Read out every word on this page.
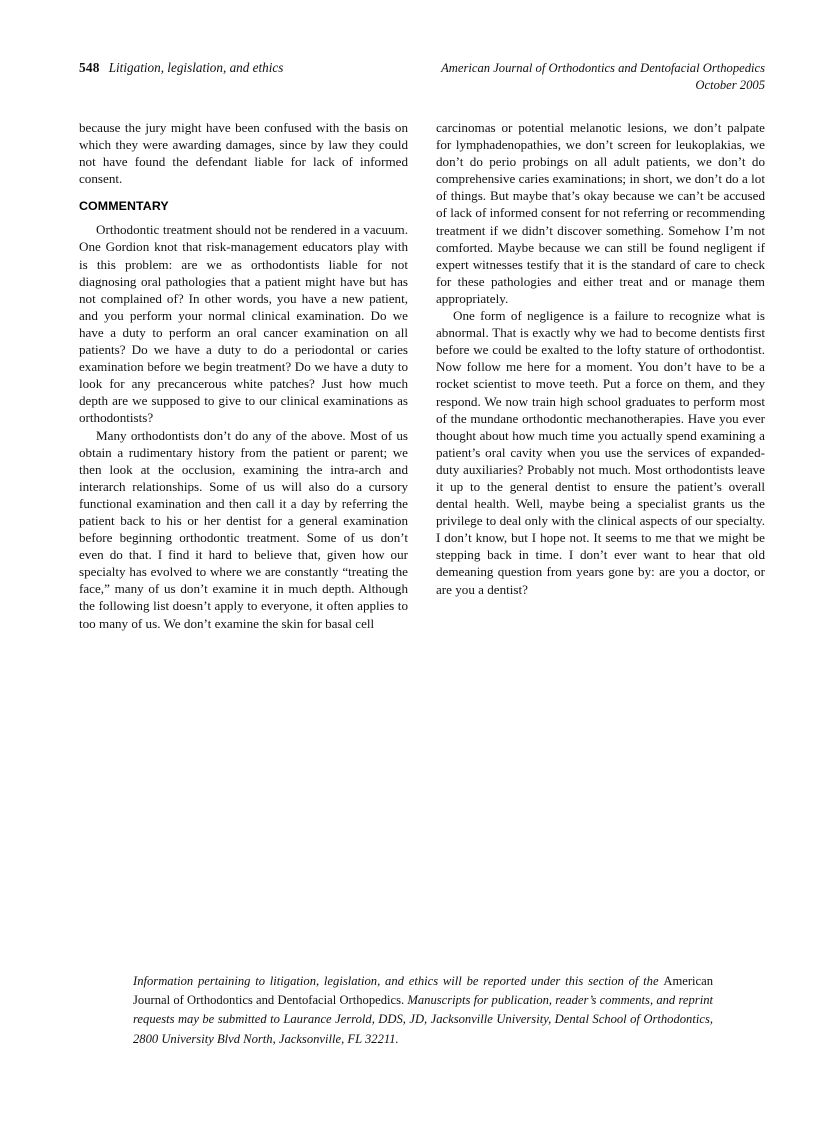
548 Litigation, legislation, and ethics	American Journal of Orthodontics and Dentofacial Orthopedics
October 2005

because the jury might have been confused with the basis on which they were awarding damages, since by law they could not have found the defendant liable for lack of informed consent.

COMMENTARY

Orthodontic treatment should not be rendered in a vacuum. One Gordion knot that risk-management educators play with is this problem: are we as orthodontists liable for not diagnosing oral pathologies that a patient might have but has not complained of? In other words, you have a new patient, and you perform your normal clinical examination. Do we have a duty to perform an oral cancer examination on all patients? Do we have a duty to do a periodontal or caries examination before we begin treatment? Do we have a duty to look for any precancerous white patches? Just how much depth are we supposed to give to our clinical examinations as orthodontists?

Many orthodontists don’t do any of the above. Most of us obtain a rudimentary history from the patient or parent; we then look at the occlusion, examining the intra-arch and interarch relationships. Some of us will also do a cursory functional examination and then call it a day by referring the patient back to his or her dentist for a general examination before beginning orthodontic treatment. Some of us don’t even do that. I find it hard to believe that, given how our specialty has evolved to where we are constantly “treating the face,” many of us don’t examine it in much depth. Although the following list doesn’t apply to everyone, it often applies to too many of us. We don’t examine the skin for basal cell

carcinomas or potential melanotic lesions, we don’t palpate for lymphadenopathies, we don’t screen for leukoplakias, we don’t do perio probings on all adult patients, we don’t do comprehensive caries examinations; in short, we don’t do a lot of things. But maybe that’s okay because we can’t be accused of lack of informed consent for not referring or recommending treatment if we didn’t discover something. Somehow I’m not comforted. Maybe because we can still be found negligent if expert witnesses testify that it is the standard of care to check for these pathologies and either treat and or manage them appropriately.

One form of negligence is a failure to recognize what is abnormal. That is exactly why we had to become dentists first before we could be exalted to the lofty stature of orthodontist. Now follow me here for a moment. You don’t have to be a rocket scientist to move teeth. Put a force on them, and they respond. We now train high school graduates to perform most of the mundane orthodontic mechanotherapies. Have you ever thought about how much time you actually spend examining a patient’s oral cavity when you use the services of expanded-duty auxiliaries? Probably not much. Most orthodontists leave it up to the general dentist to ensure the patient’s overall dental health. Well, maybe being a specialist grants us the privilege to deal only with the clinical aspects of our specialty. I don’t know, but I hope not. It seems to me that we might be stepping back in time. I don’t ever want to hear that old demeaning question from years gone by: are you a doctor, or are you a dentist?

Information pertaining to litigation, legislation, and ethics will be reported under this section of the American Journal of Orthodontics and Dentofacial Orthopedics. Manuscripts for publication, reader’s comments, and reprint requests may be submitted to Laurance Jerrold, DDS, JD, Jacksonville University, Dental School of Orthodontics, 2800 University Blvd North, Jacksonville, FL 32211.
